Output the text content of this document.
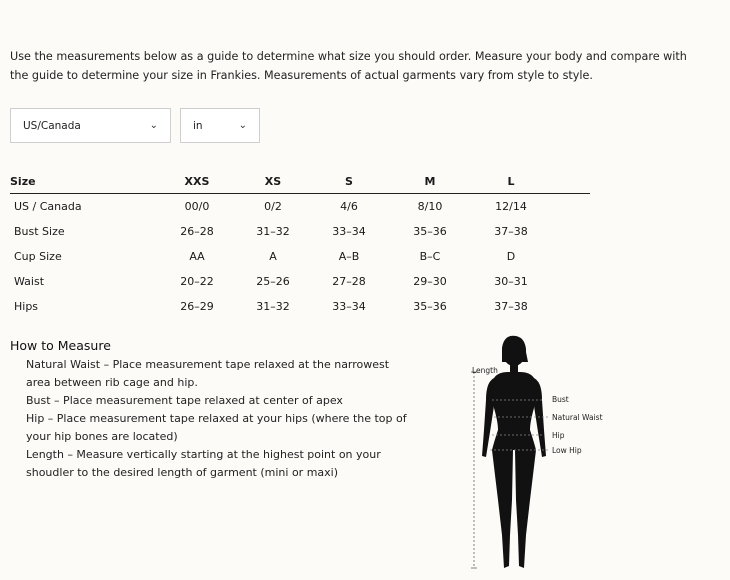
Use the measurements below as a guide to determine what size you should order. Measure your body and compare with
the guide to determine your size in Frankies. Measurements of actual garments vary from style to style.
US/Canada	⌄	in	⌄
Size	XXS	XS	S	M	L	
US / Canada	00/0	0/2	4/6	8/10	12/14	
Bust Size	26–28	31–32	33–34	35–36	37–38	
Cup Size	AA	A	A–B	B–C	D	
Waist	20–22	25–26	27–28	29–30	30–31	
Hips	26–29	31–32	33–34	35–36	37–38	
How to Measure

Natural Waist – Place measurement tape relaxed at the narrowest area between rib cage and hip.

Bust – Place measurement tape relaxed at center of apex

Hip – Place measurement tape relaxed at your hips (where the top of your hip bones are located)

Length – Measure vertically starting at the highest point on your shoudler to the desired length of garment (mini or maxi)

Length
Bust
Natural Waist
Hip
Low Hip
